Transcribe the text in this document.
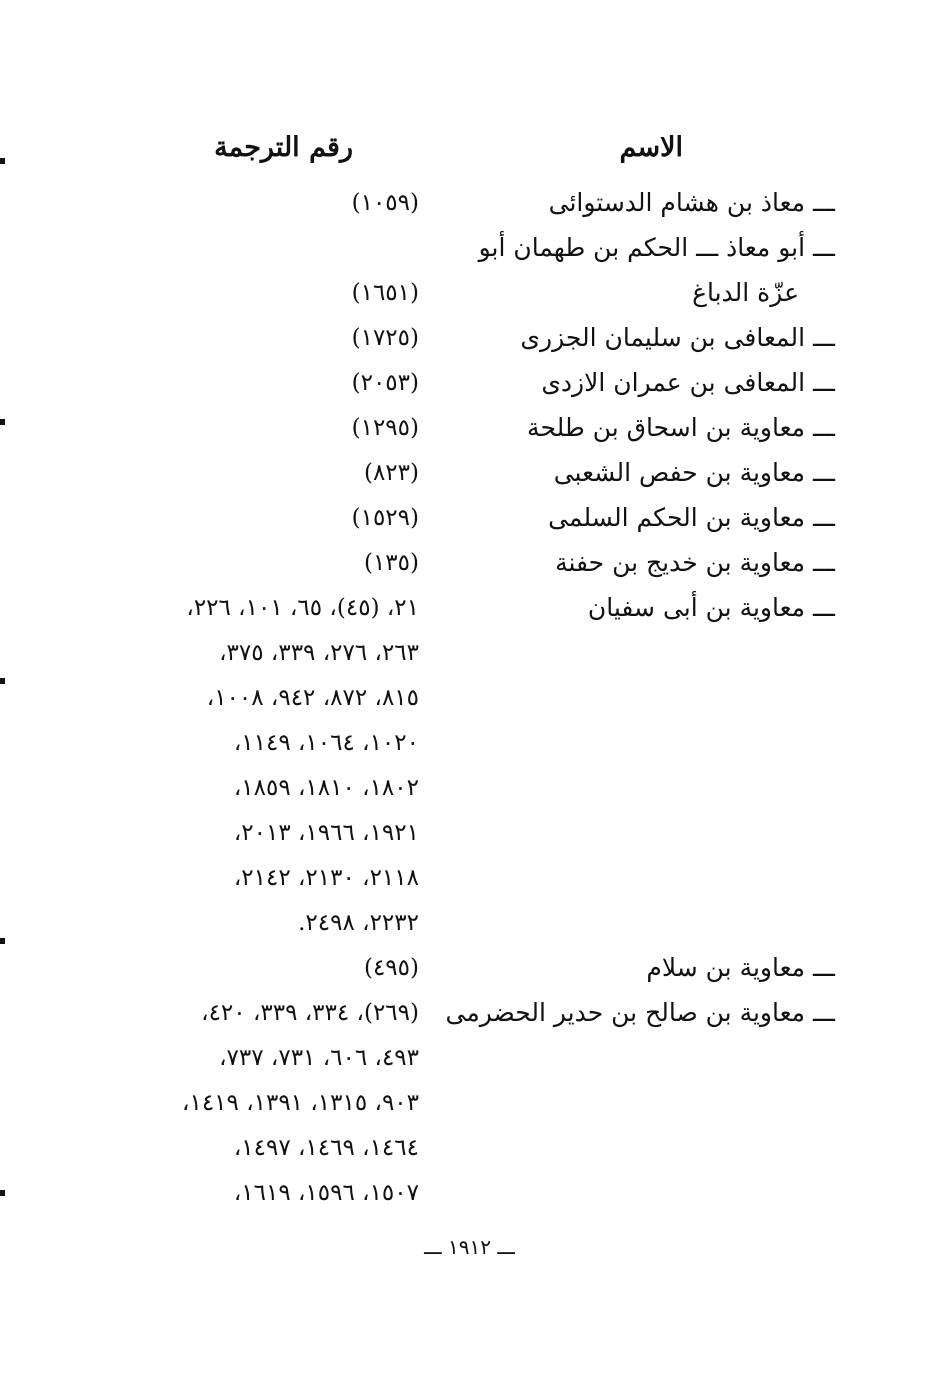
الاسم
رقم الترجمة
ـــ معاذ بن هشام الدستوائى
(١٠٥٩)
ـــ أبو معاذ ـــ الحكم بن طهمان أبو
عزّة الدباغ
(١٦٥١)
ـــ المعافى بن سليمان الجزرى
(١٧٢٥)
ـــ المعافى بن عمران الازدى
(٢٠٥٣)
ـــ معاوية بن اسحاق بن طلحة
(١٢٩٥)
ـــ معاوية بن حفص الشعبى
(٨٢٣)
ـــ معاوية بن الحكم السلمى
(١٥٢٩)
ـــ معاوية بن خديج بن حفنة
(١٣٥)
ـــ معاوية بن أبى سفيان
٢١، (٤٥)، ٦٥، ١٠١، ٢٢٦،
٢٦٣، ٢٧٦، ٣٣٩، ٣٧٥،
٨١٥، ٨٧٢، ٩٤٢، ١٠٠٨،
١٠٢٠، ١٠٦٤، ١١٤٩،
١٨٠٢، ١٨١٠، ١٨٥٩،
١٩٢١، ١٩٦٦، ٢٠١٣،
٢١١٨، ٢١٣٠، ٢١٤٢،
٢٢٣٢، ٢٤٩٨.
ـــ معاوية بن سلام
(٤٩٥)
ـــ معاوية بن صالح بن حدير الحضرمى
(٢٦٩)، ٣٣٤، ٣٣٩، ٤٢٠،
٤٩٣، ٦٠٦، ٧٣١، ٧٣٧،
٩٠٣، ١٣١٥، ١٣٩١، ١٤١٩،
١٤٦٤، ١٤٦٩، ١٤٩٧،
١٥٠٧، ١٥٩٦، ١٦١٩،
ـــ ١٩١٢ ـــ
